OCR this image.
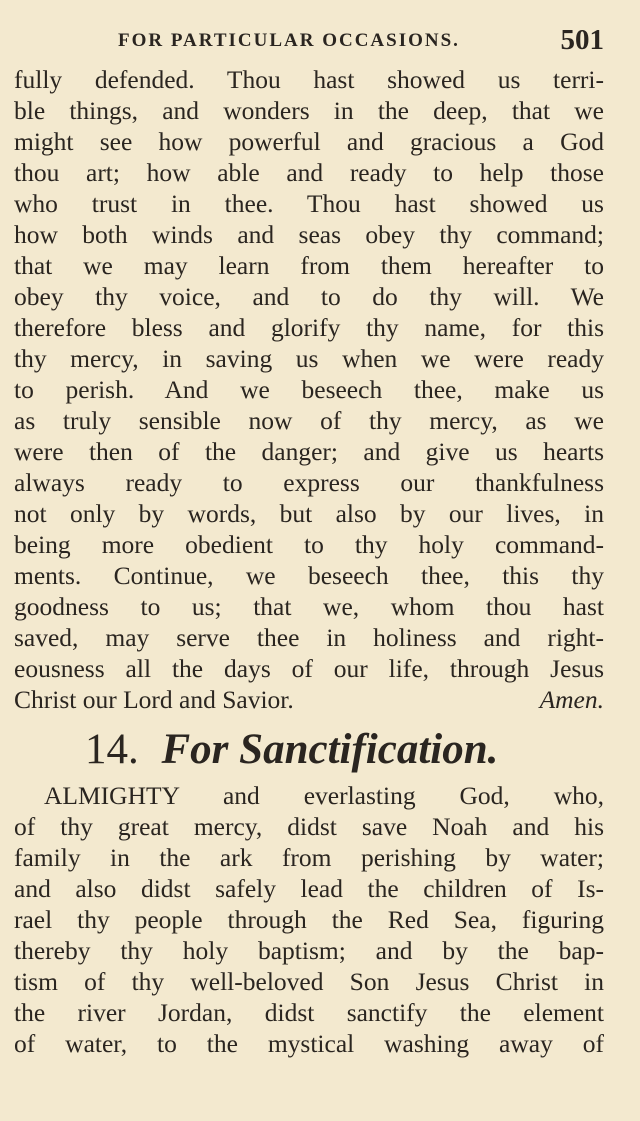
FOR PARTICULAR OCCASIONS.	501
fully defended. Thou hast showed us terri-
ble things, and wonders in the deep, that we
might see how powerful and gracious a God
thou art; how able and ready to help those
who trust in thee. Thou hast showed us
how both winds and seas obey thy command;
that we may learn from them hereafter to
obey thy voice, and to do thy will. We
therefore bless and glorify thy name, for this
thy mercy, in saving us when we were ready
to perish. And we beseech thee, make us
as truly sensible now of thy mercy, as we
were then of the danger; and give us hearts
always ready to express our thankfulness
not only by words, but also by our lives, in
being more obedient to thy holy command-
ments. Continue, we beseech thee, this thy
goodness to us; that we, whom thou hast
saved, may serve thee in holiness and right-
eousness all the days of our life, through Jesus
Christ our Lord and Savior.	Amen.
14. For Sanctification.
ALMIGHTY and everlasting God, who,
of thy great mercy, didst save Noah and his
family in the ark from perishing by water;
and also didst safely lead the children of Is-
rael thy people through the Red Sea, figuring
thereby thy holy baptism; and by the bap-
tism of thy well-beloved Son Jesus Christ in
the river Jordan, didst sanctify the element
of water, to the mystical washing away of
